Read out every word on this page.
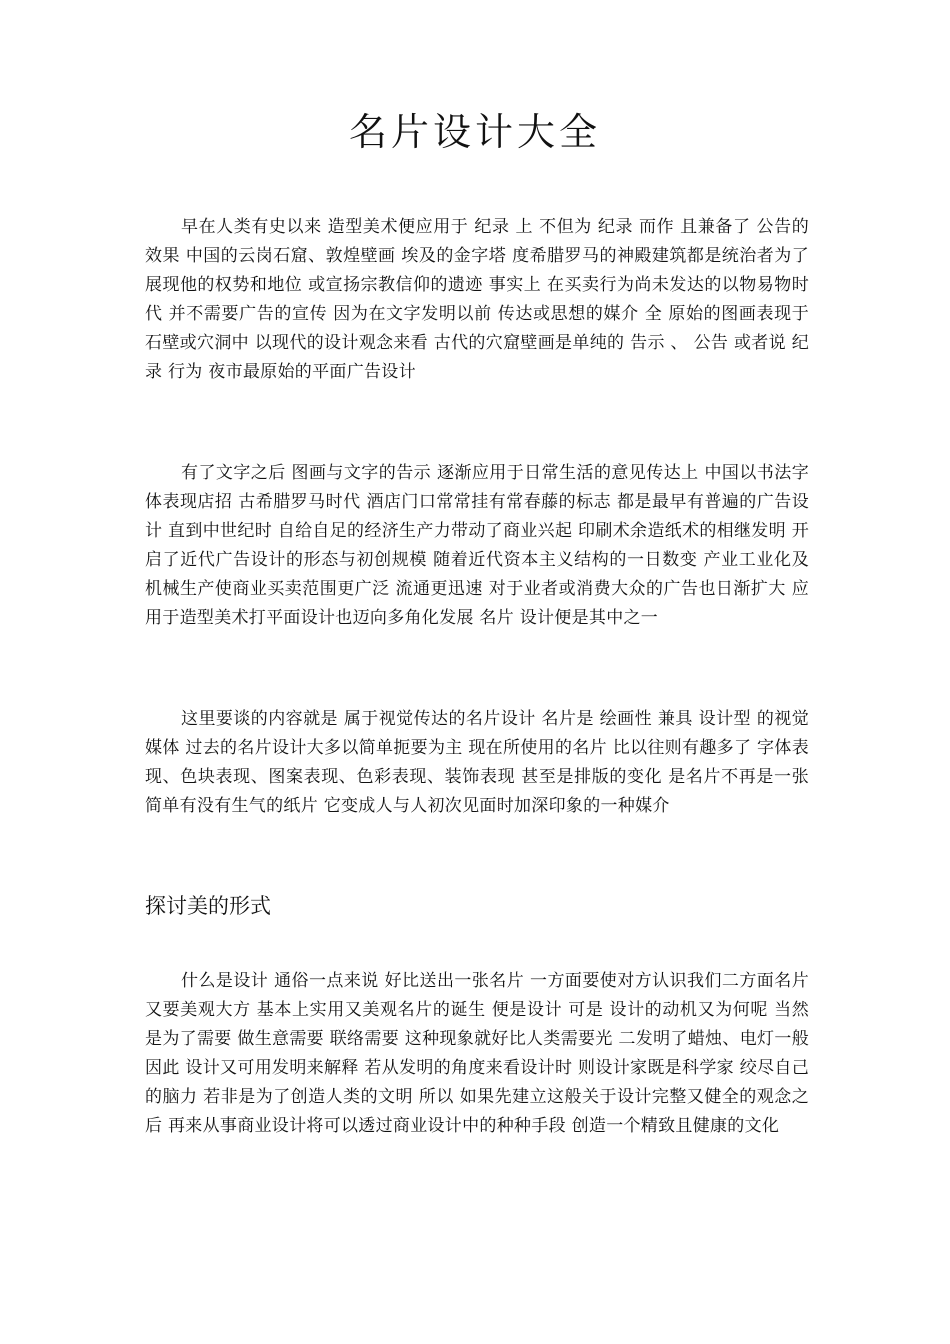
名片设计大全

早在人类有史以来 造型美术便应用于 纪录 上 不但为 纪录 而作 且兼备了 公告的效果 中国的云岗石窟、敦煌壁画 埃及的金字塔 度希腊罗马的神殿建筑都是统治者为了展现他的权势和地位 或宣扬宗教信仰的遗迹 事实上 在买卖行为尚未发达的以物易物时代 并不需要广告的宣传 因为在文字发明以前 传达或思想的媒介 全 原始的图画表现于石壁或穴洞中 以现代的设计观念来看 古代的穴窟壁画是单纯的 告示 、 公告 或者说 纪录 行为 夜市最原始的平面广告设计

有了文字之后 图画与文字的告示 逐渐应用于日常生活的意见传达上 中国以书法字体表现店招 古希腊罗马时代 酒店门口常常挂有常春藤的标志 都是最早有普遍的广告设计 直到中世纪时 自给自足的经济生产力带动了商业兴起 印刷术余造纸术的相继发明 开启了近代广告设计的形态与初创规模 随着近代资本主义结构的一日数变 产业工业化及机械生产使商业买卖范围更广泛 流通更迅速 对于业者或消费大众的广告也日渐扩大 应用于造型美术打平面设计也迈向多角化发展 名片 设计便是其中之一

这里要谈的内容就是 属于视觉传达的名片设计 名片是 绘画性 兼具 设计型 的视觉媒体 过去的名片设计大多以简单扼要为主 现在所使用的名片 比以往则有趣多了 字体表现、色块表现、图案表现、色彩表现、装饰表现 甚至是排版的变化 是名片不再是一张简单有没有生气的纸片 它变成人与人初次见面时加深印象的一种媒介

探讨美的形式

什么是设计 通俗一点来说 好比送出一张名片 一方面要使对方认识我们二方面名片又要美观大方 基本上实用又美观名片的诞生 便是设计 可是 设计的动机又为何呢 当然是为了需要 做生意需要 联络需要 这种现象就好比人类需要光 二发明了蜡烛、电灯一般 因此 设计又可用发明来解释 若从发明的角度来看设计时 则设计家既是科学家 绞尽自己的脑力 若非是为了创造人类的文明 所以 如果先建立这般关于设计完整又健全的观念之后 再来从事商业设计将可以透过商业设计中的种种手段 创造一个精致且健康的文化
